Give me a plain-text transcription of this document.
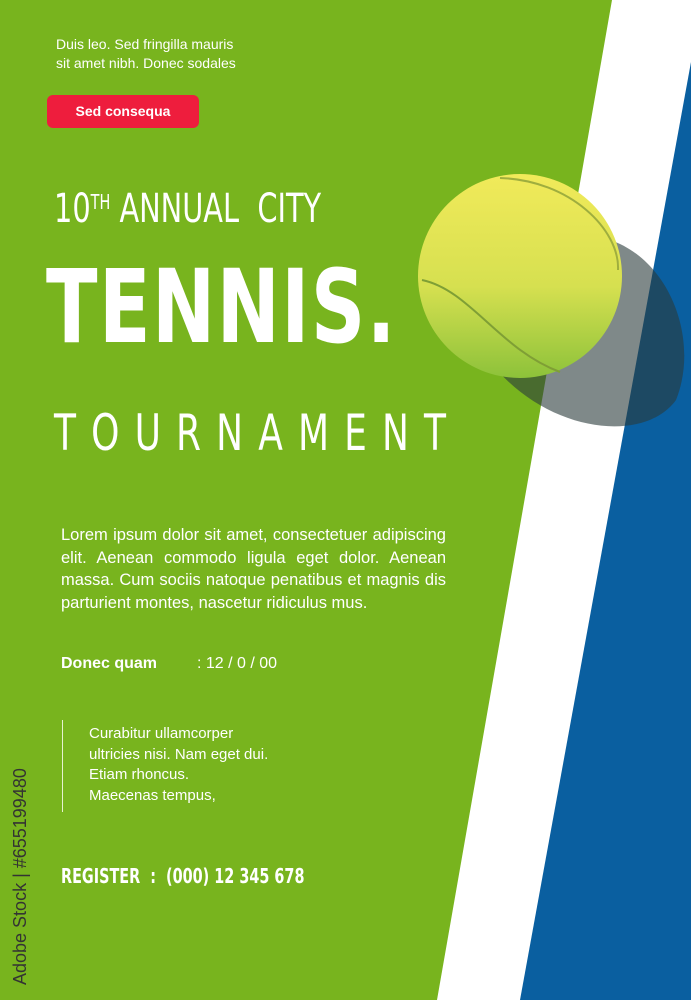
Duis leo. Sed fringilla mauris
sit amet nibh. Donec sodales
Sed consequa
10TH ANNUAL  CITY
TENNIS.
TOURNAMENT
Lorem ipsum dolor sit amet, consectetuer adipiscing elit. Aenean commodo ligula eget dolor. Aenean massa. Cum sociis natoque penatibus et magnis dis parturient montes, nascetur ridiculus mus.
Donec quam : 12 / 0 / 00
Curabitur ullamcorper
ultricies nisi. Nam eget dui.
Etiam rhoncus.
Maecenas tempus,
REGISTER :  (000) 12 345 678
Adobe Stock | #655199480
